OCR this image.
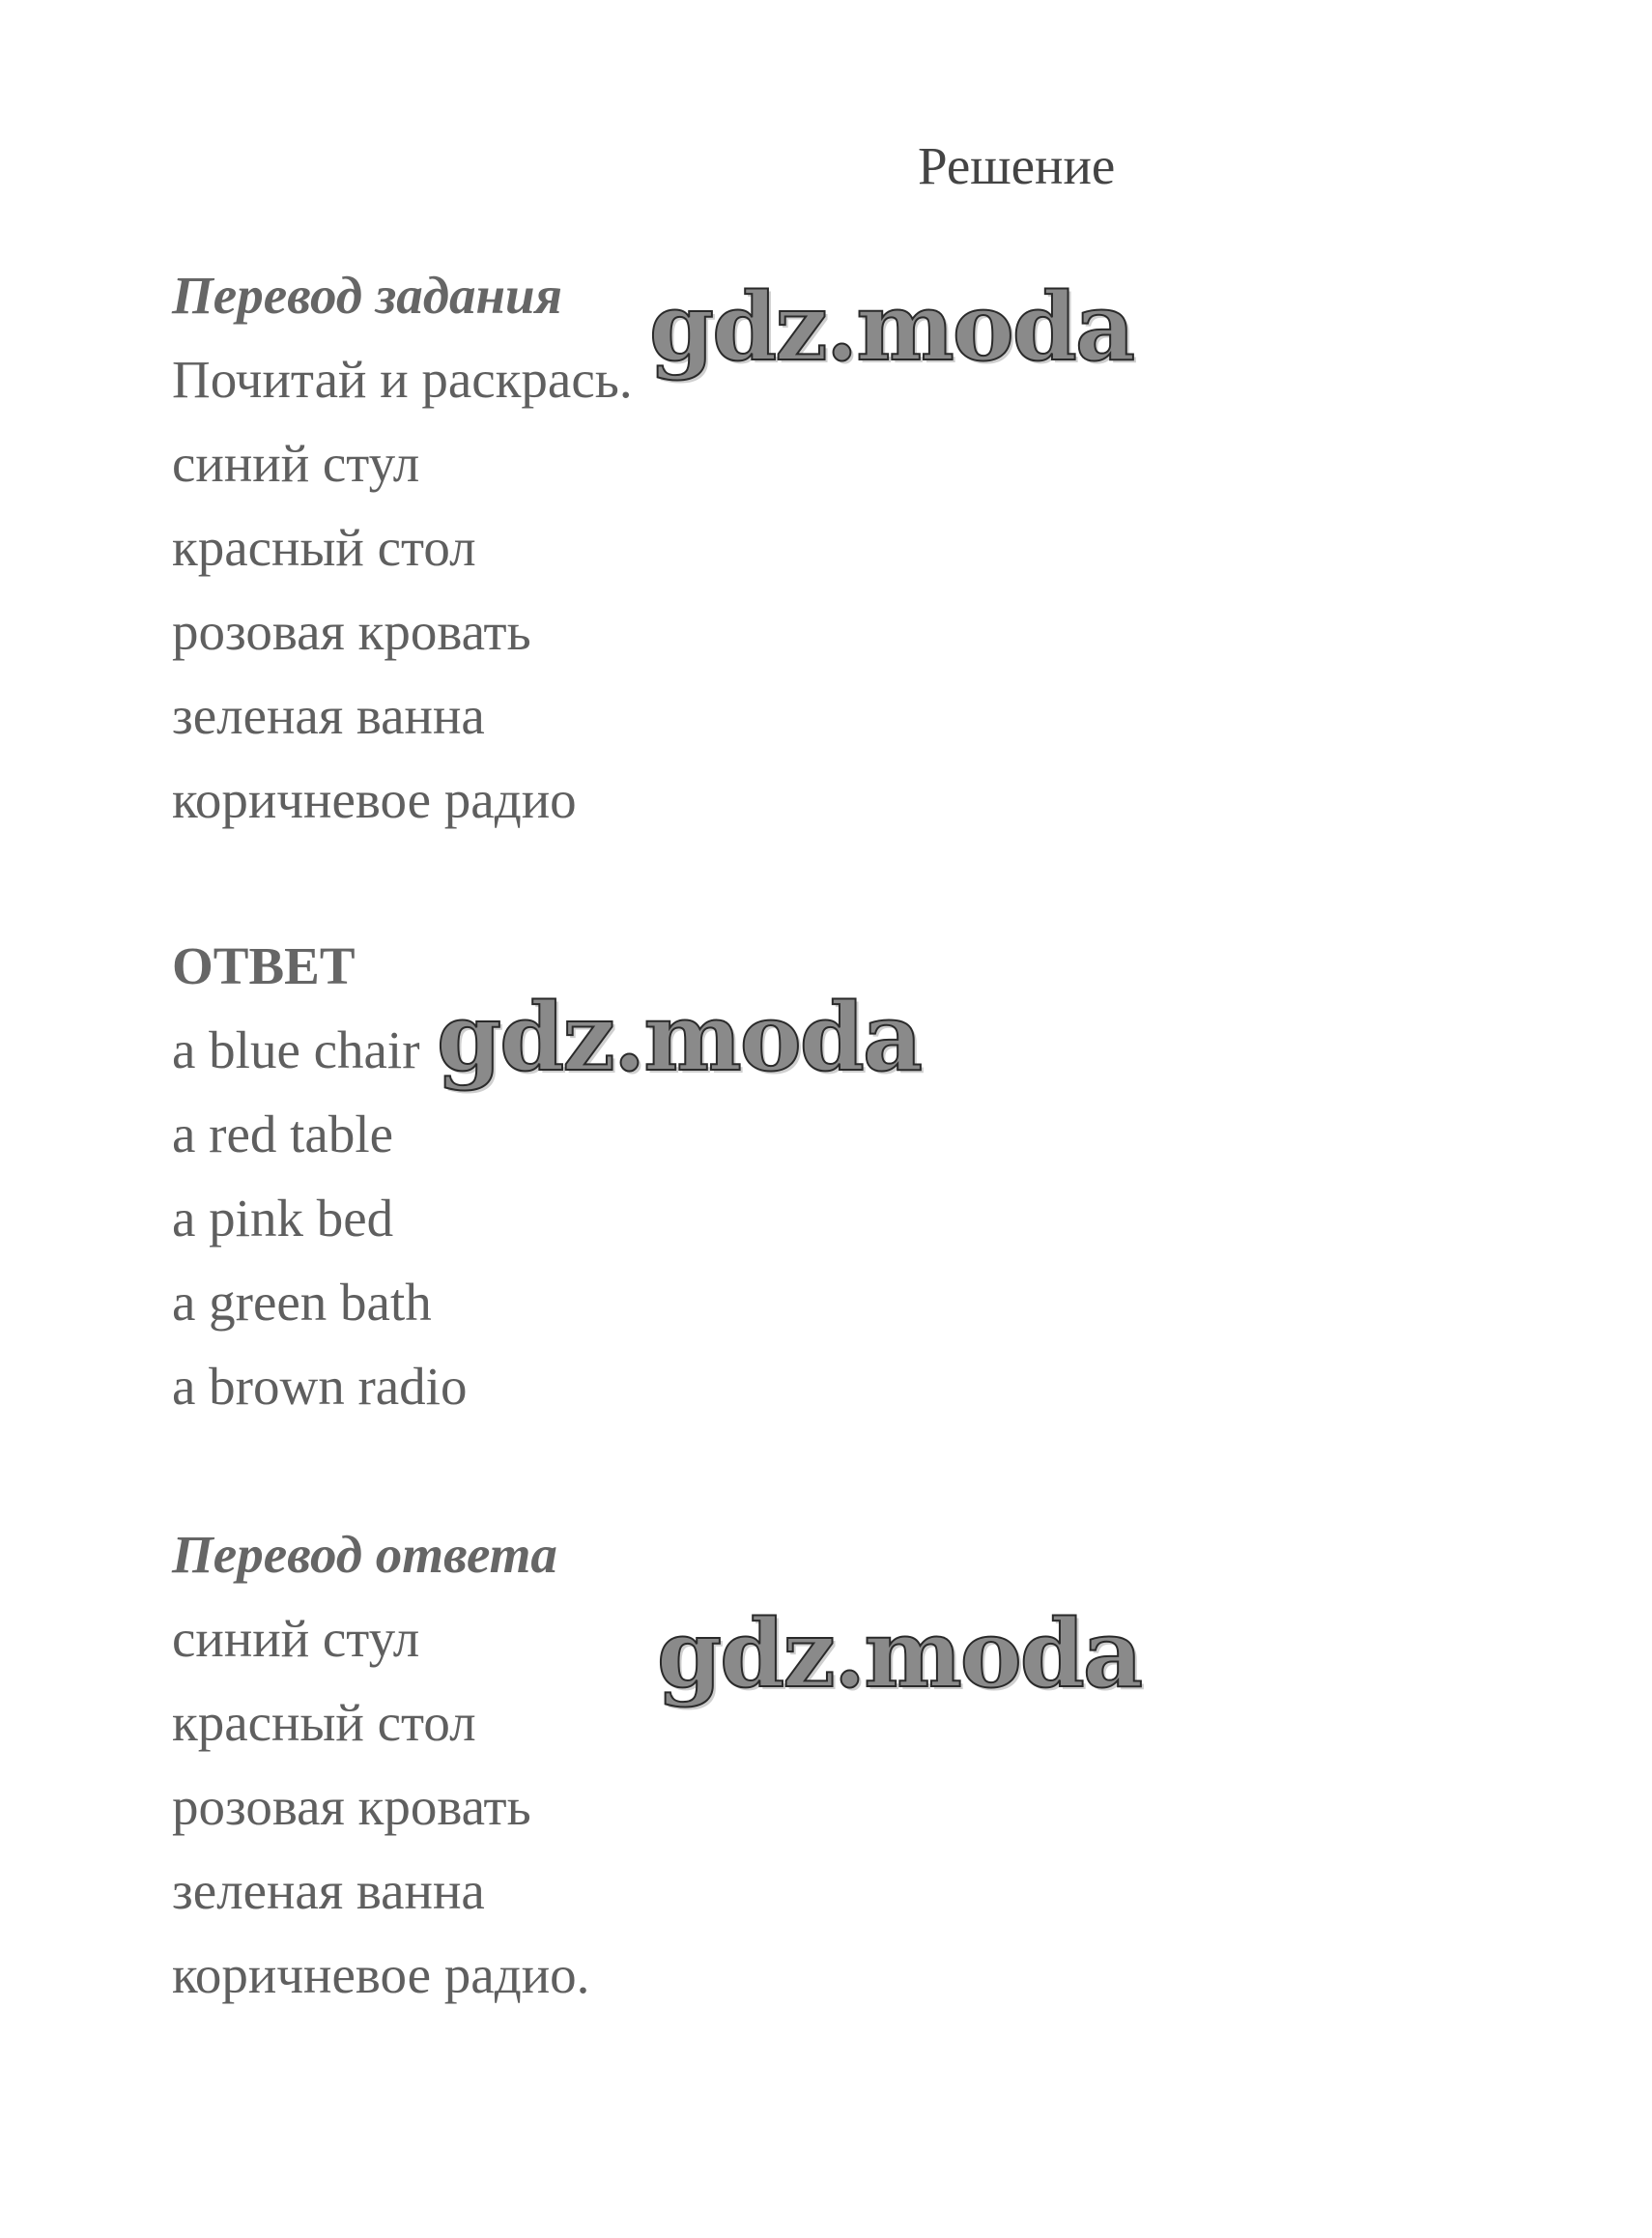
Решение
Перевод задания
Почитай и раскрась.
синий стул
красный стол
розовая кровать
зеленая ванна
коричневое радио
ОТВЕТ
a blue chair
a red table
a pink bed
a green bath
a brown radio
Перевод ответа
синий стул
красный стол
розовая кровать
зеленая ванна
коричневое радио.
gdz.moda
gdz.moda
gdz.moda
